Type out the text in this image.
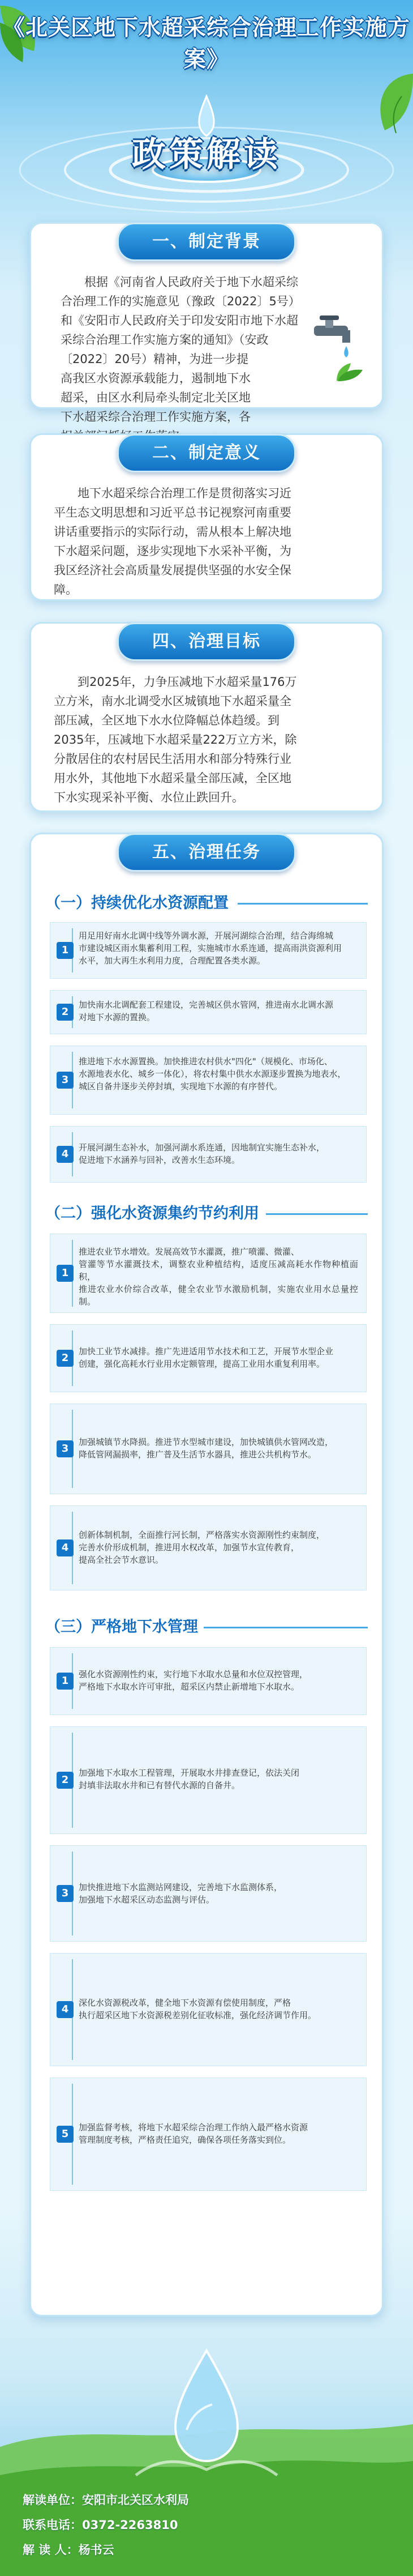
《北关区地下水超采综合治理工作实施方案》
政策解读
一、制定背景
根据《河南省人民政府关于地下水超采综
合治理工作的实施意见（豫政〔2022〕5号）
和《安阳市人民政府关于印发安阳市地下水超
采综合治理工作实施方案的通知》（安政
〔2022〕20号）精神，为进一步提
高我区水资源承载能力，遏制地下水
超采，由区水利局牵头制定北关区地
下水超采综合治理工作实施方案，各
二、制定意义
地下水超采综合治理工作是贯彻落实习近
平生态文明思想和习近平总书记视察河南重要
讲话重要指示的实际行动，需从根本上解决地
下水超采问题，逐步实现地下水采补平衡，为
我区经济社会高质量发展提供坚强的水安全保
障。
四、治理目标
到2025年，力争压减地下水超采量176万
立方米，南水北调受水区城镇地下水超采量全
部压减，全区地下水水位降幅总体趋缓。到
2035年，压减地下水超采量222万立方米，除
分散居住的农村居民生活用水和部分特殊行业
用水外，其他地下水超采量全部压减，全区地
下水实现采补平衡、水位止跌回升。
五、治理任务
（一）持续优化水资源配置
用足用好南水北调中线等外调水源，开展河湖综合治理，结合海绵城
市建设城区雨水集蓄利用工程，实施城市水系连通，提高雨洪资源利用
水平，加大再生水利用力度，合理配置各类水源。
1
加快南水北调配套工程建设，完善城区供水管网，推进南水北调水源
对地下水源的置换。
2
推进地下水水源置换。加快推进农村供水"四化"（规模化、市场化、
水源地表水化、城乡一体化），将农村集中供水水源逐步置换为地表水，
城区自备井逐步关停封填，实现地下水源的有序替代。
3
开展河湖生态补水，加强河湖水系连通，因地制宜实施生态补水，
促进地下水涵养与回补，改善水生态环境。
4
（二）强化水资源集约节约利用
推进农业节水增效。发展高效节水灌溉，推广喷灌、微灌、
管灌等节水灌溉技术，调整农业种植结构，适度压减高耗水作物种植面积，
推进农业水价综合改革，健全农业节水激励机制，实施农业用水总量控制。
1
加快工业节水减排。推广先进适用节水技术和工艺，开展节水型企业
创建，强化高耗水行业用水定额管理，提高工业用水重复利用率。
2
加强城镇节水降损。推进节水型城市建设，加快城镇供水管网改造，
降低管网漏损率，推广普及生活节水器具，推进公共机构节水。
3
创新体制机制，全面推行河长制，严格落实水资源刚性约束制度，
完善水价形成机制，推进用水权改革，加强节水宣传教育，
提高全社会节水意识。
4
（三）严格地下水管理
强化水资源刚性约束，实行地下水取水总量和水位双控管理，
严格地下水取水许可审批，超采区内禁止新增地下水取水。
1
加强地下水取水工程管理，开展取水井排查登记，依法关闭
封填非法取水井和已有替代水源的自备井。
2
加快推进地下水监测站网建设，完善地下水监测体系，
加强地下水超采区动态监测与评估。
3
深化水资源税改革，健全地下水资源有偿使用制度，严格
执行超采区地下水资源税差别化征收标准，强化经济调节作用。
4
加强监督考核，将地下水超采综合治理工作纳入最严格水资源
管理制度考核，严格责任追究，确保各项任务落实到位。
5
解读单位：安阳市北关区水利局
联系电话：0372-2263810
解 读 人：杨书云
